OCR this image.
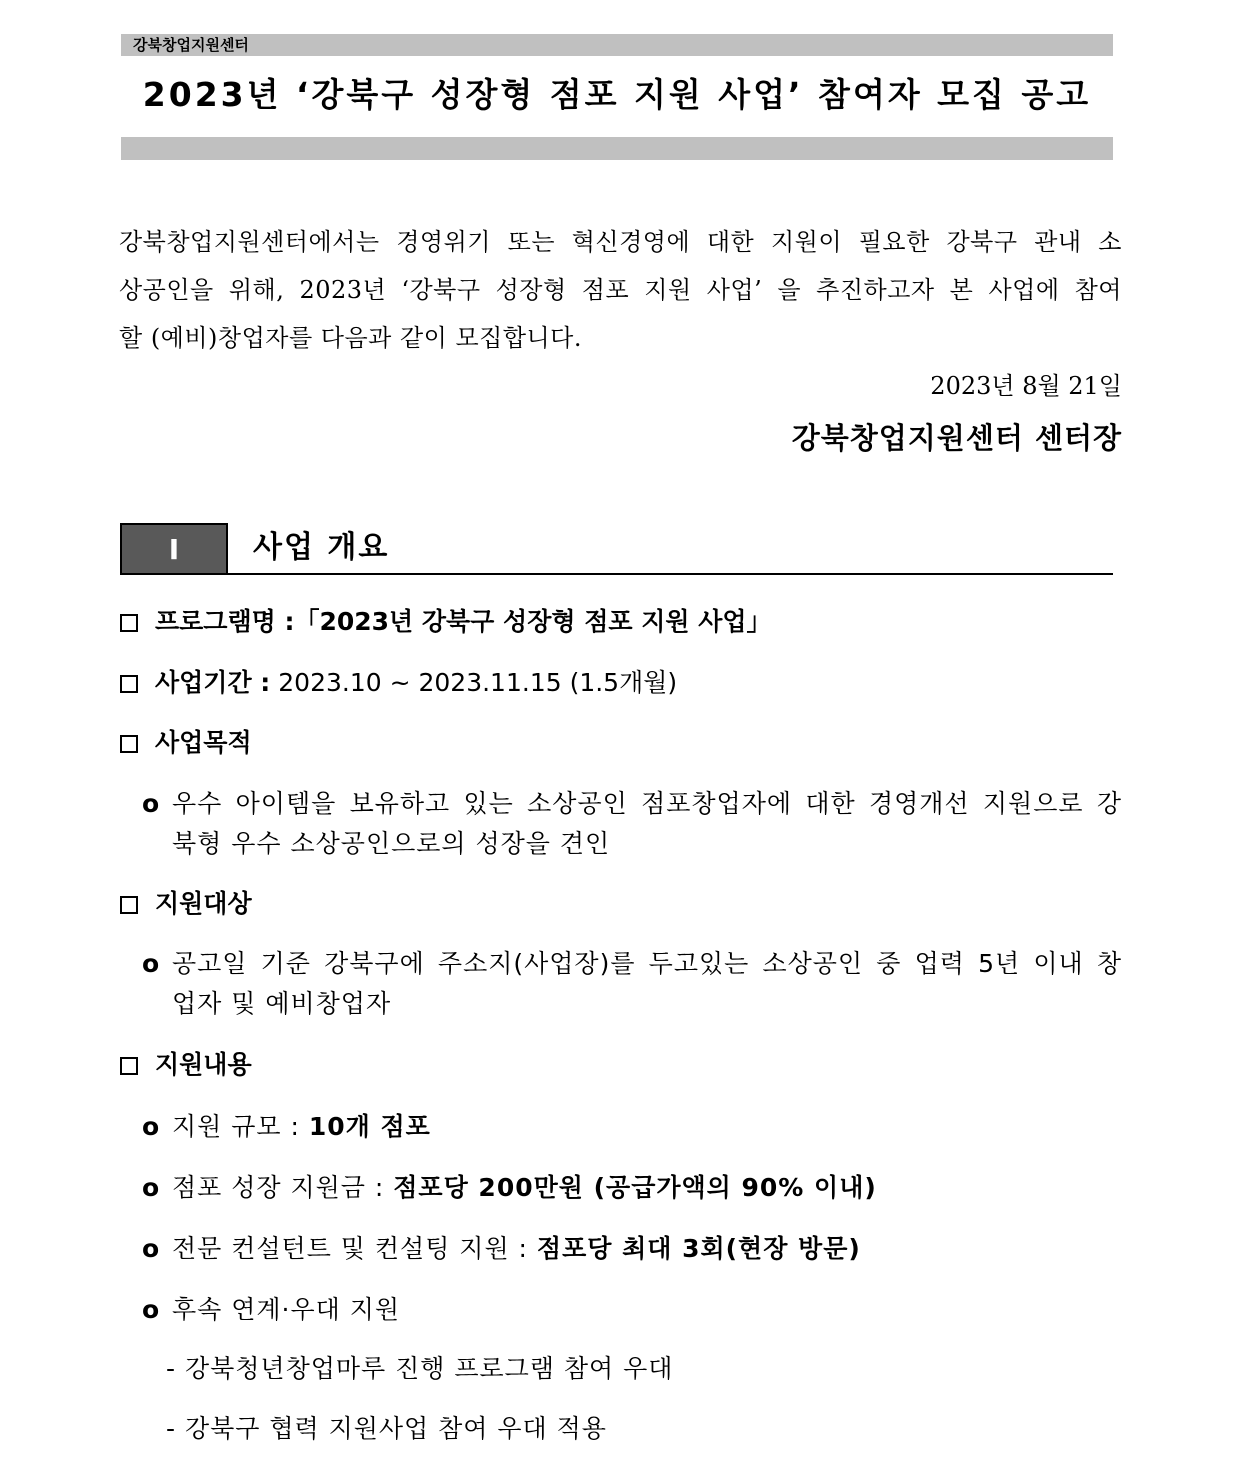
강북창업지원센터
2023년 ‘강북구 성장형 점포 지원 사업’ 참여자 모집 공고
강북창업지원센터에서는 경영위기 또는 혁신경영에 대한 지원이 필요한 강북구 관내 소
상공인을 위해, 2023년 ‘강북구 성장형 점포 지원 사업’ 을 추진하고자 본 사업에 참여
할 (예비)창업자를 다음과 같이 모집합니다.
2023년 8월 21일
강북창업지원센터 센터장
I	사업 개요
프로그램명 :「2023년 강북구 성장형 점포 지원 사업」
사업기간 : 2023.10 ~ 2023.11.15 (1.5개월)
사업목적
o 우수 아이템을 보유하고 있는 소상공인 점포창업자에 대한 경영개선 지원으로 강
북형 우수 소상공인으로의 성장을 견인
지원대상
o 공고일 기준 강북구에 주소지(사업장)를 두고있는 소상공인 중 업력 5년 이내 창
업자 및 예비창업자
지원내용
o 지원 규모 : 10개 점포
o 점포 성장 지원금 : 점포당 200만원 (공급가액의 90% 이내)
o 전문 컨설턴트 및 컨설팅 지원 : 점포당 최대 3회(현장 방문)
o 후속 연계·우대 지원
- 강북청년창업마루 진행 프로그램 참여 우대
- 강북구 협력 지원사업 참여 우대 적용
